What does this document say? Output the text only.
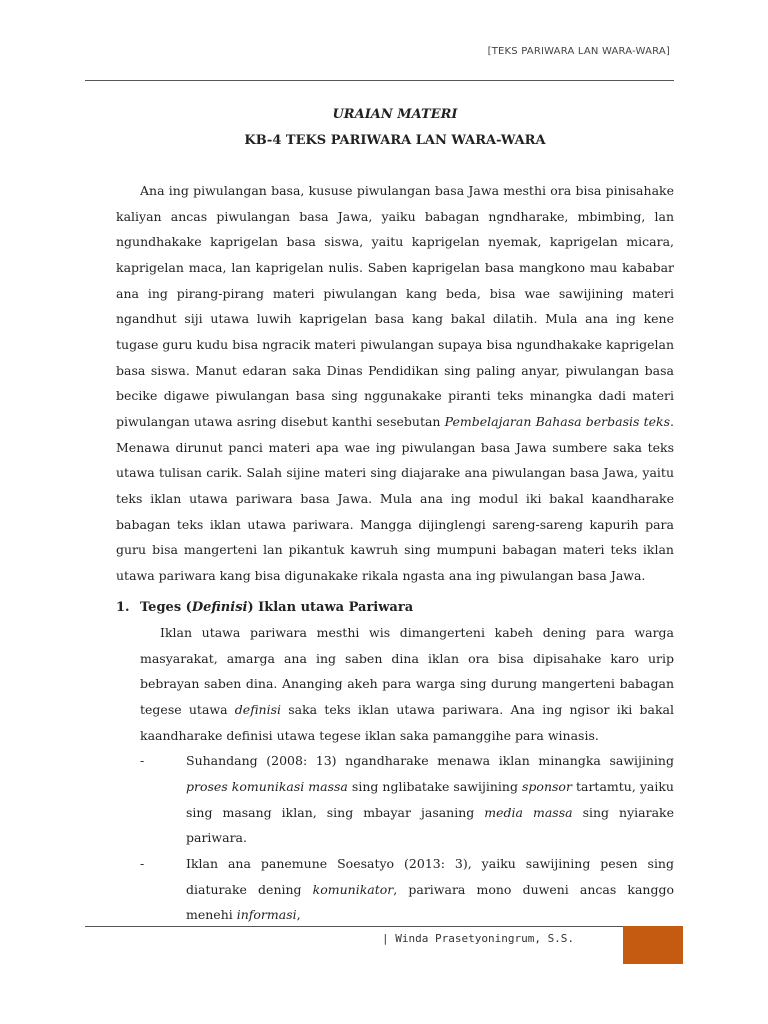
[TEKS PARIWARA LAN WARA-WARA]

URAIAN MATERI

KB-4 TEKS PARIWARA LAN WARA-WARA

Ana ing piwulangan basa, kususe piwulangan basa Jawa mesthi ora bisa pinisahake kaliyan ancas piwulangan basa Jawa, yaiku babagan ngndharake, mbimbing, lan ngundhakake kaprigelan basa siswa, yaitu kaprigelan nyemak, kaprigelan micara, kaprigelan maca, lan kaprigelan nulis. Saben kaprigelan basa mangkono mau kababar ana ing pirang-pirang materi piwulangan kang beda, bisa wae sawijining materi ngandhut siji utawa luwih kaprigelan basa kang bakal dilatih. Mula ana ing kene tugase guru kudu bisa ngracik materi piwulangan supaya bisa ngundhakake kaprigelan basa siswa. Manut edaran saka Dinas Pendidikan sing paling anyar, piwulangan basa becike digawe piwulangan basa sing nggunakake piranti teks minangka dadi materi piwulangan utawa asring disebut kanthi sesebutan Pembelajaran Bahasa berbasis teks. Menawa dirunut panci materi apa wae ing piwulangan basa Jawa sumbere saka teks utawa tulisan carik. Salah sijine materi sing diajarake ana piwulangan basa Jawa, yaitu teks iklan utawa pariwara basa Jawa. Mula ana ing modul iki bakal kaandharake babagan teks iklan utawa pariwara. Mangga dijinglengi sareng-sareng kapurih para guru bisa mangerteni lan pikantuk kawruh sing mumpuni babagan materi teks iklan utawa pariwara kang bisa digunakake rikala ngasta ana ing piwulangan basa Jawa.

1. Teges (Definisi) Iklan utawa Pariwara

Iklan utawa pariwara mesthi wis dimangerteni kabeh dening para warga masyarakat, amarga ana ing saben dina iklan ora bisa dipisahake karo urip bebrayan saben dina. Ananging akeh para warga sing durung mangerteni babagan tegese utawa definisi saka teks iklan utawa pariwara. Ana ing ngisor iki bakal kaandharake definisi utawa tegese iklan saka pamanggihe para winasis.

-	Suhandang (2008: 13) ngandharake menawa iklan minangka sawijining proses komunikasi massa sing nglibatake sawijining sponsor tartamtu, yaiku sing masang iklan, sing mbayar jasaning media massa sing nyiarake pariwara.
-	Iklan ana panemune Soesatyo (2013: 3), yaiku sawijining pesen sing diaturake dening komunikator, pariwara mono duweni ancas kanggo menehi informasi,
| Winda Prasetyoningrum, S.S.
